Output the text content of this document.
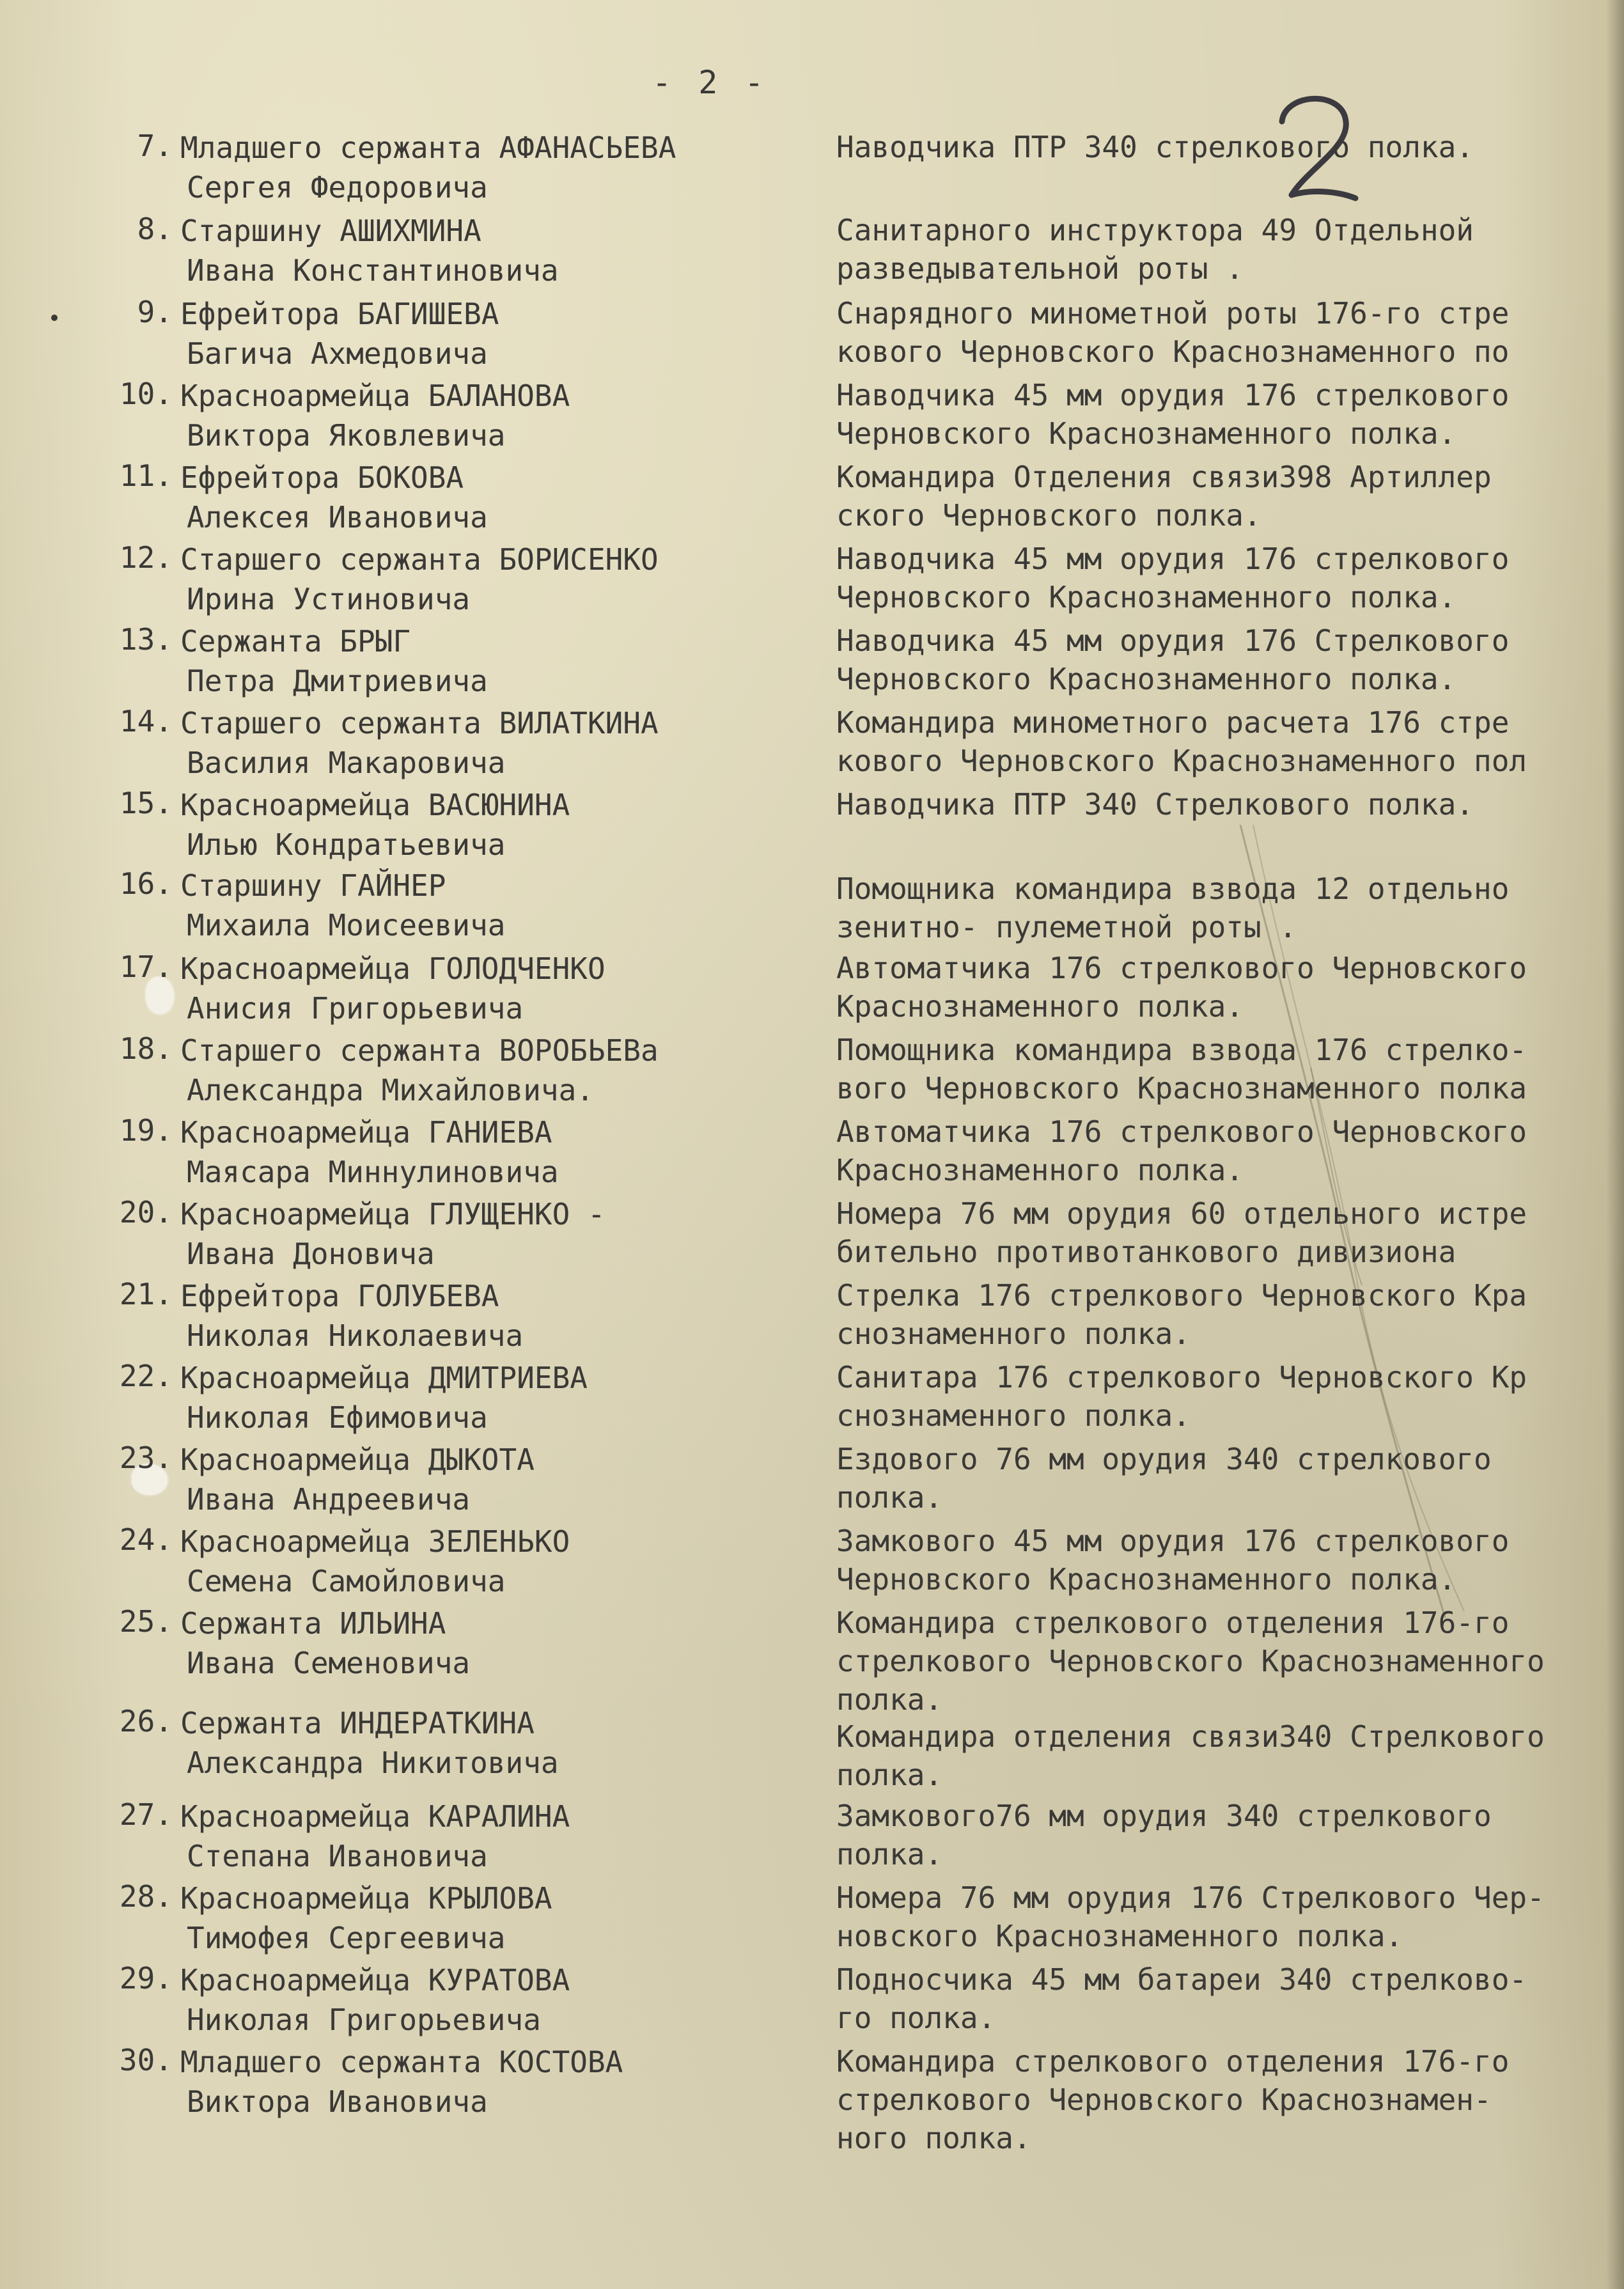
- 2 -
7. Младшего сержанта АФАНАСЬЕВА
Сергея Федоровича
Наводчика ПТР 340 стрелкового полка.
8. Старшину АШИХМИНА
Ивана Константиновича
Санитарного инструктора 49 Отдельной
разведывательной роты .
9. Ефрейтора БАГИШЕВА
Багича Ахмедовича
Снарядного минометной роты 176-го стре
кового Черновского Краснознаменного по
10. Красноармейца БАЛАНОВА
Виктора Яковлевича
Наводчика 45 мм орудия 176 стрелкового
Черновского Краснознаменного полка.
11. Ефрейтора БОКОВА
Алексея Ивановича
Командира Отделения связи398 Артиллер
ского Черновского полка.
12. Старшего сержанта БОРИСЕНКО
Ирина Устиновича
Наводчика 45 мм орудия 176 стрелкового
Черновского Краснознаменного полка.
13. Сержанта БРЫГ
Петра Дмитриевича
Наводчика 45 мм орудия 176 Стрелкового
Черновского Краснознаменного полка.
14. Старшего сержанта ВИЛАТКИНА
Василия Макаровича
Командира минометного расчета 176 стре
кового Черновского Краснознаменного пол
15. Красноармейца ВАСЮНИНА
Илью Кондратьевича
Наводчика ПТР 340 Стрелкового полка.
16. Старшину ГАЙНЕР
Михаила Моисеевича
Помощника командира взвода 12 отдельно
зенитно- пулеметной роты .
17. Красноармейца ГОЛОДЧЕНКО
Анисия Григорьевича
Автоматчика 176 стрелкового Черновского
Краснознаменного полка.
18. Старшего сержанта ВОРОБЬЕВа
Александра Михайловича.
Помощника командира взвода 176 стрелко-
вого Черновского Краснознаменного полка
19. Красноармейца ГАНИЕВА
Маясара Миннулиновича
Автоматчика 176 стрелкового Черновского
Краснознаменного полка.
20. Красноармейца ГЛУЩЕНКО -
Ивана Доновича
Номера 76 мм орудия 60 отдельного истре
бительно противотанкового дивизиона
21. Ефрейтора ГОЛУБЕВА
Николая Николаевича
Стрелка 176 стрелкового Черновского Кра
снознаменного полка.
22. Красноармейца ДМИТРИЕВА
Николая Ефимовича
Санитара 176 стрелкового Черновского Кр
снознаменного полка.
23. Красноармейца ДЫКОТА
Ивана Андреевича
Ездового 76 мм орудия 340 стрелкового
полка.
24. Красноармейца ЗЕЛЕНЬКО
Семена Самойловича
Замкового 45 мм орудия 176 стрелкового
Черновского Краснознаменного полка.
25. Сержанта ИЛЬИНА
Ивана Семеновича
Командира стрелкового отделения 176-го
стрелкового Черновского Краснознаменного
полка.
26. Сержанта ИНДЕРАТКИНА
Александра Никитовича
Командира отделения связи340 Стрелкового
полка.
27. Красноармейца КАРАЛИНА
Степана Ивановича
Замкового76 мм орудия 340 стрелкового
полка.
28. Красноармейца КРЫЛОВА
Тимофея Сергеевича
Номера 76 мм орудия 176 Стрелкового Чер-
новского Краснознаменного полка.
29. Красноармейца КУРАТОВА
Николая Григорьевича
Подносчика 45 мм батареи 340 стрелково-
го полка.
30. Младшего сержанта КОСТОВА
Виктора Ивановича
Командира стрелкового отделения 176-го
стрелкового Черновского Краснознамен-
ного полка.
